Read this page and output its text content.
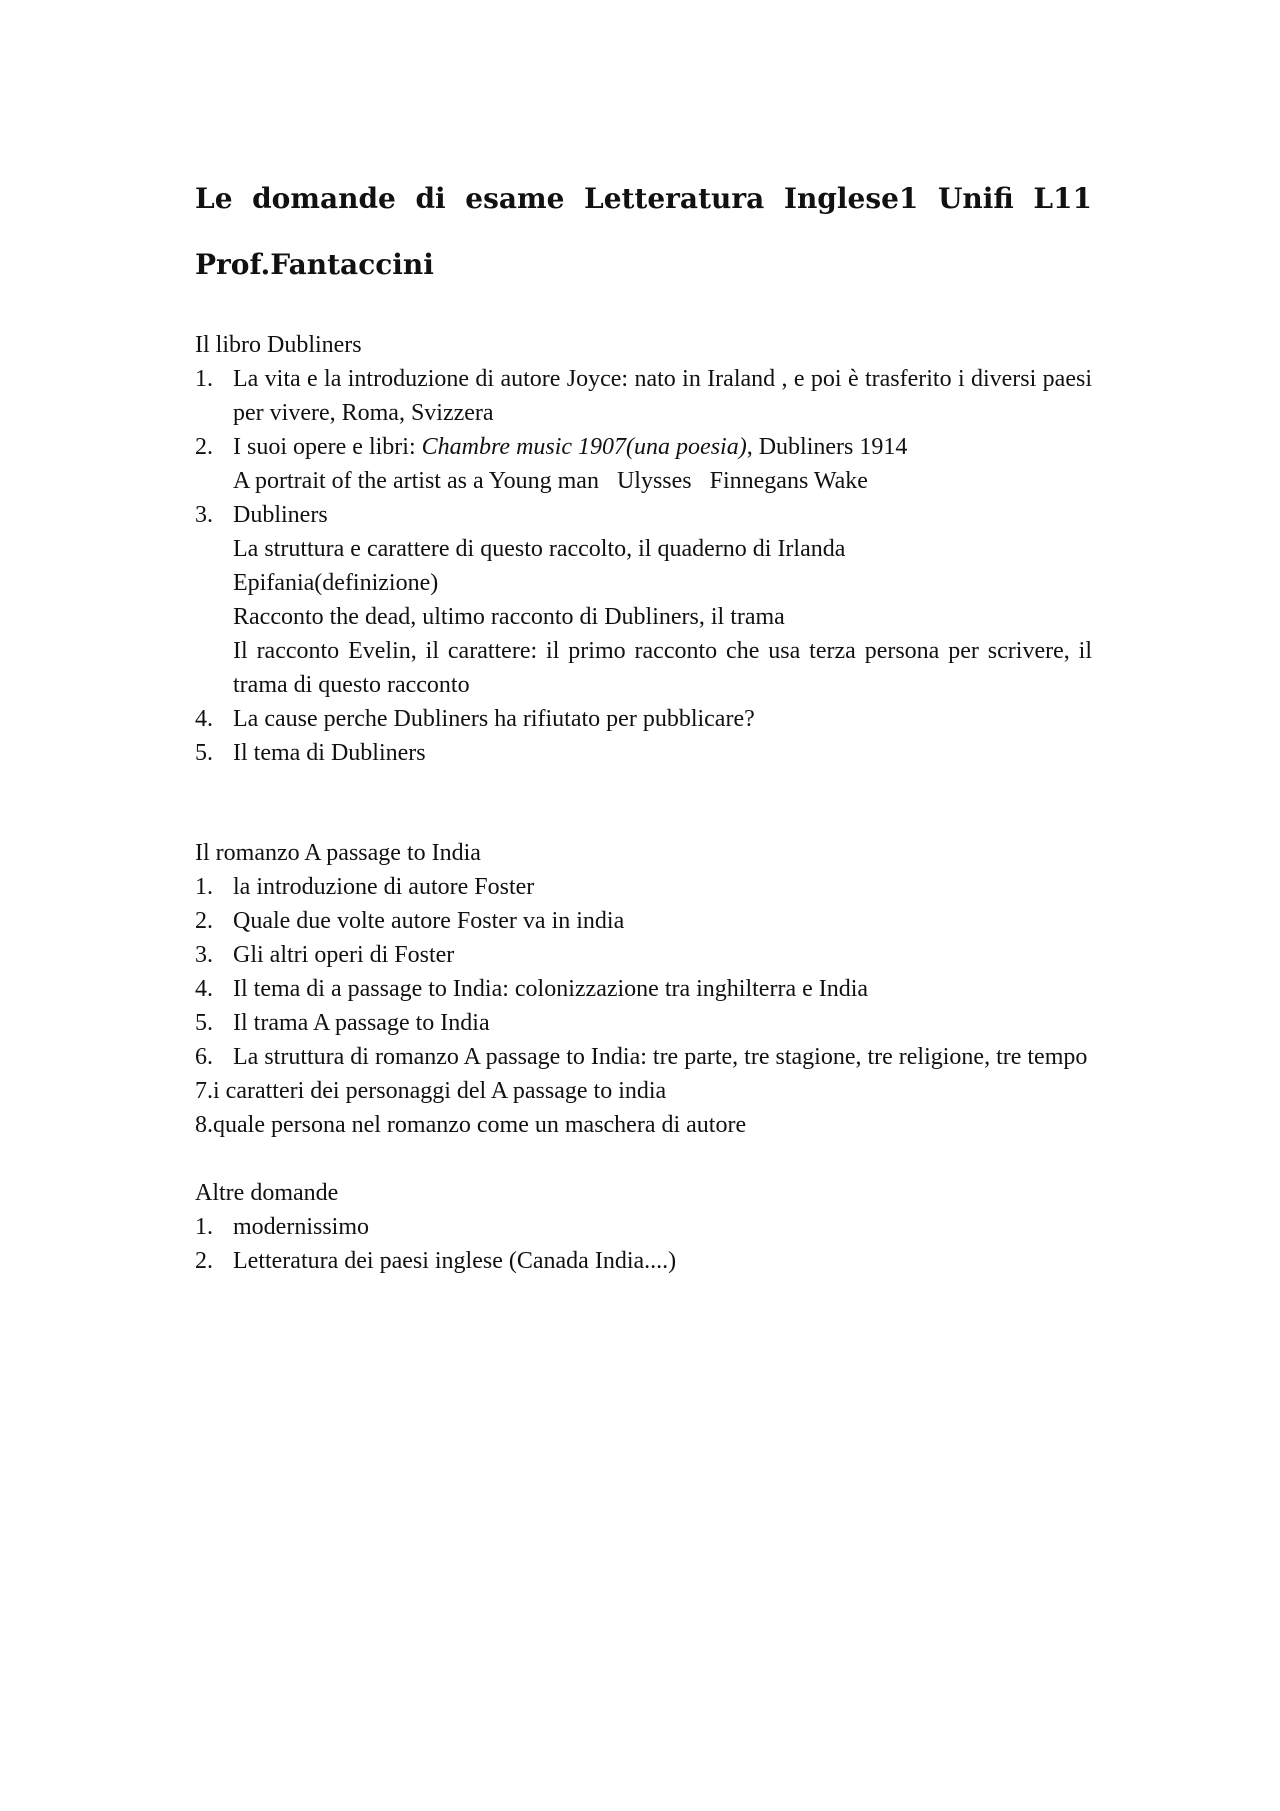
Le domande di esame Letteratura Inglese1 Unifi L11
Prof.Fantaccini
Il libro Dubliners
1. La vita e la introduzione di autore Joyce: nato in Iraland , e poi è trasferito i diversi paesi per vivere, Roma, Svizzera
2. I suoi opere e libri: Chambre music 1907(una poesia), Dubliners 1914
A portrait of the artist as a Young man Ulysses Finnegans Wake
3. Dubliners
La struttura e carattere di questo raccolto, il quaderno di Irlanda
Epifania(definizione)
Racconto the dead, ultimo racconto di Dubliners, il trama
Il racconto Evelin, il carattere: il primo racconto che usa terza persona per scrivere, il trama di questo racconto
4. La cause perche Dubliners ha rifiutato per pubblicare?
5. Il tema di Dubliners
Il romanzo A passage to India
1. la introduzione di autore Foster
2. Quale due volte autore Foster va in india
3. Gli altri operi di Foster
4. Il tema di a passage to India: colonizzazione tra inghilterra e India
5. Il trama A passage to India
6. La struttura di romanzo A passage to India: tre parte, tre stagione, tre religione, tre tempo
7.i caratteri dei personaggi del A passage to india
8.quale persona nel romanzo come un maschera di autore
Altre domande
1. modernissimo
2. Letteratura dei paesi inglese (Canada India....)
